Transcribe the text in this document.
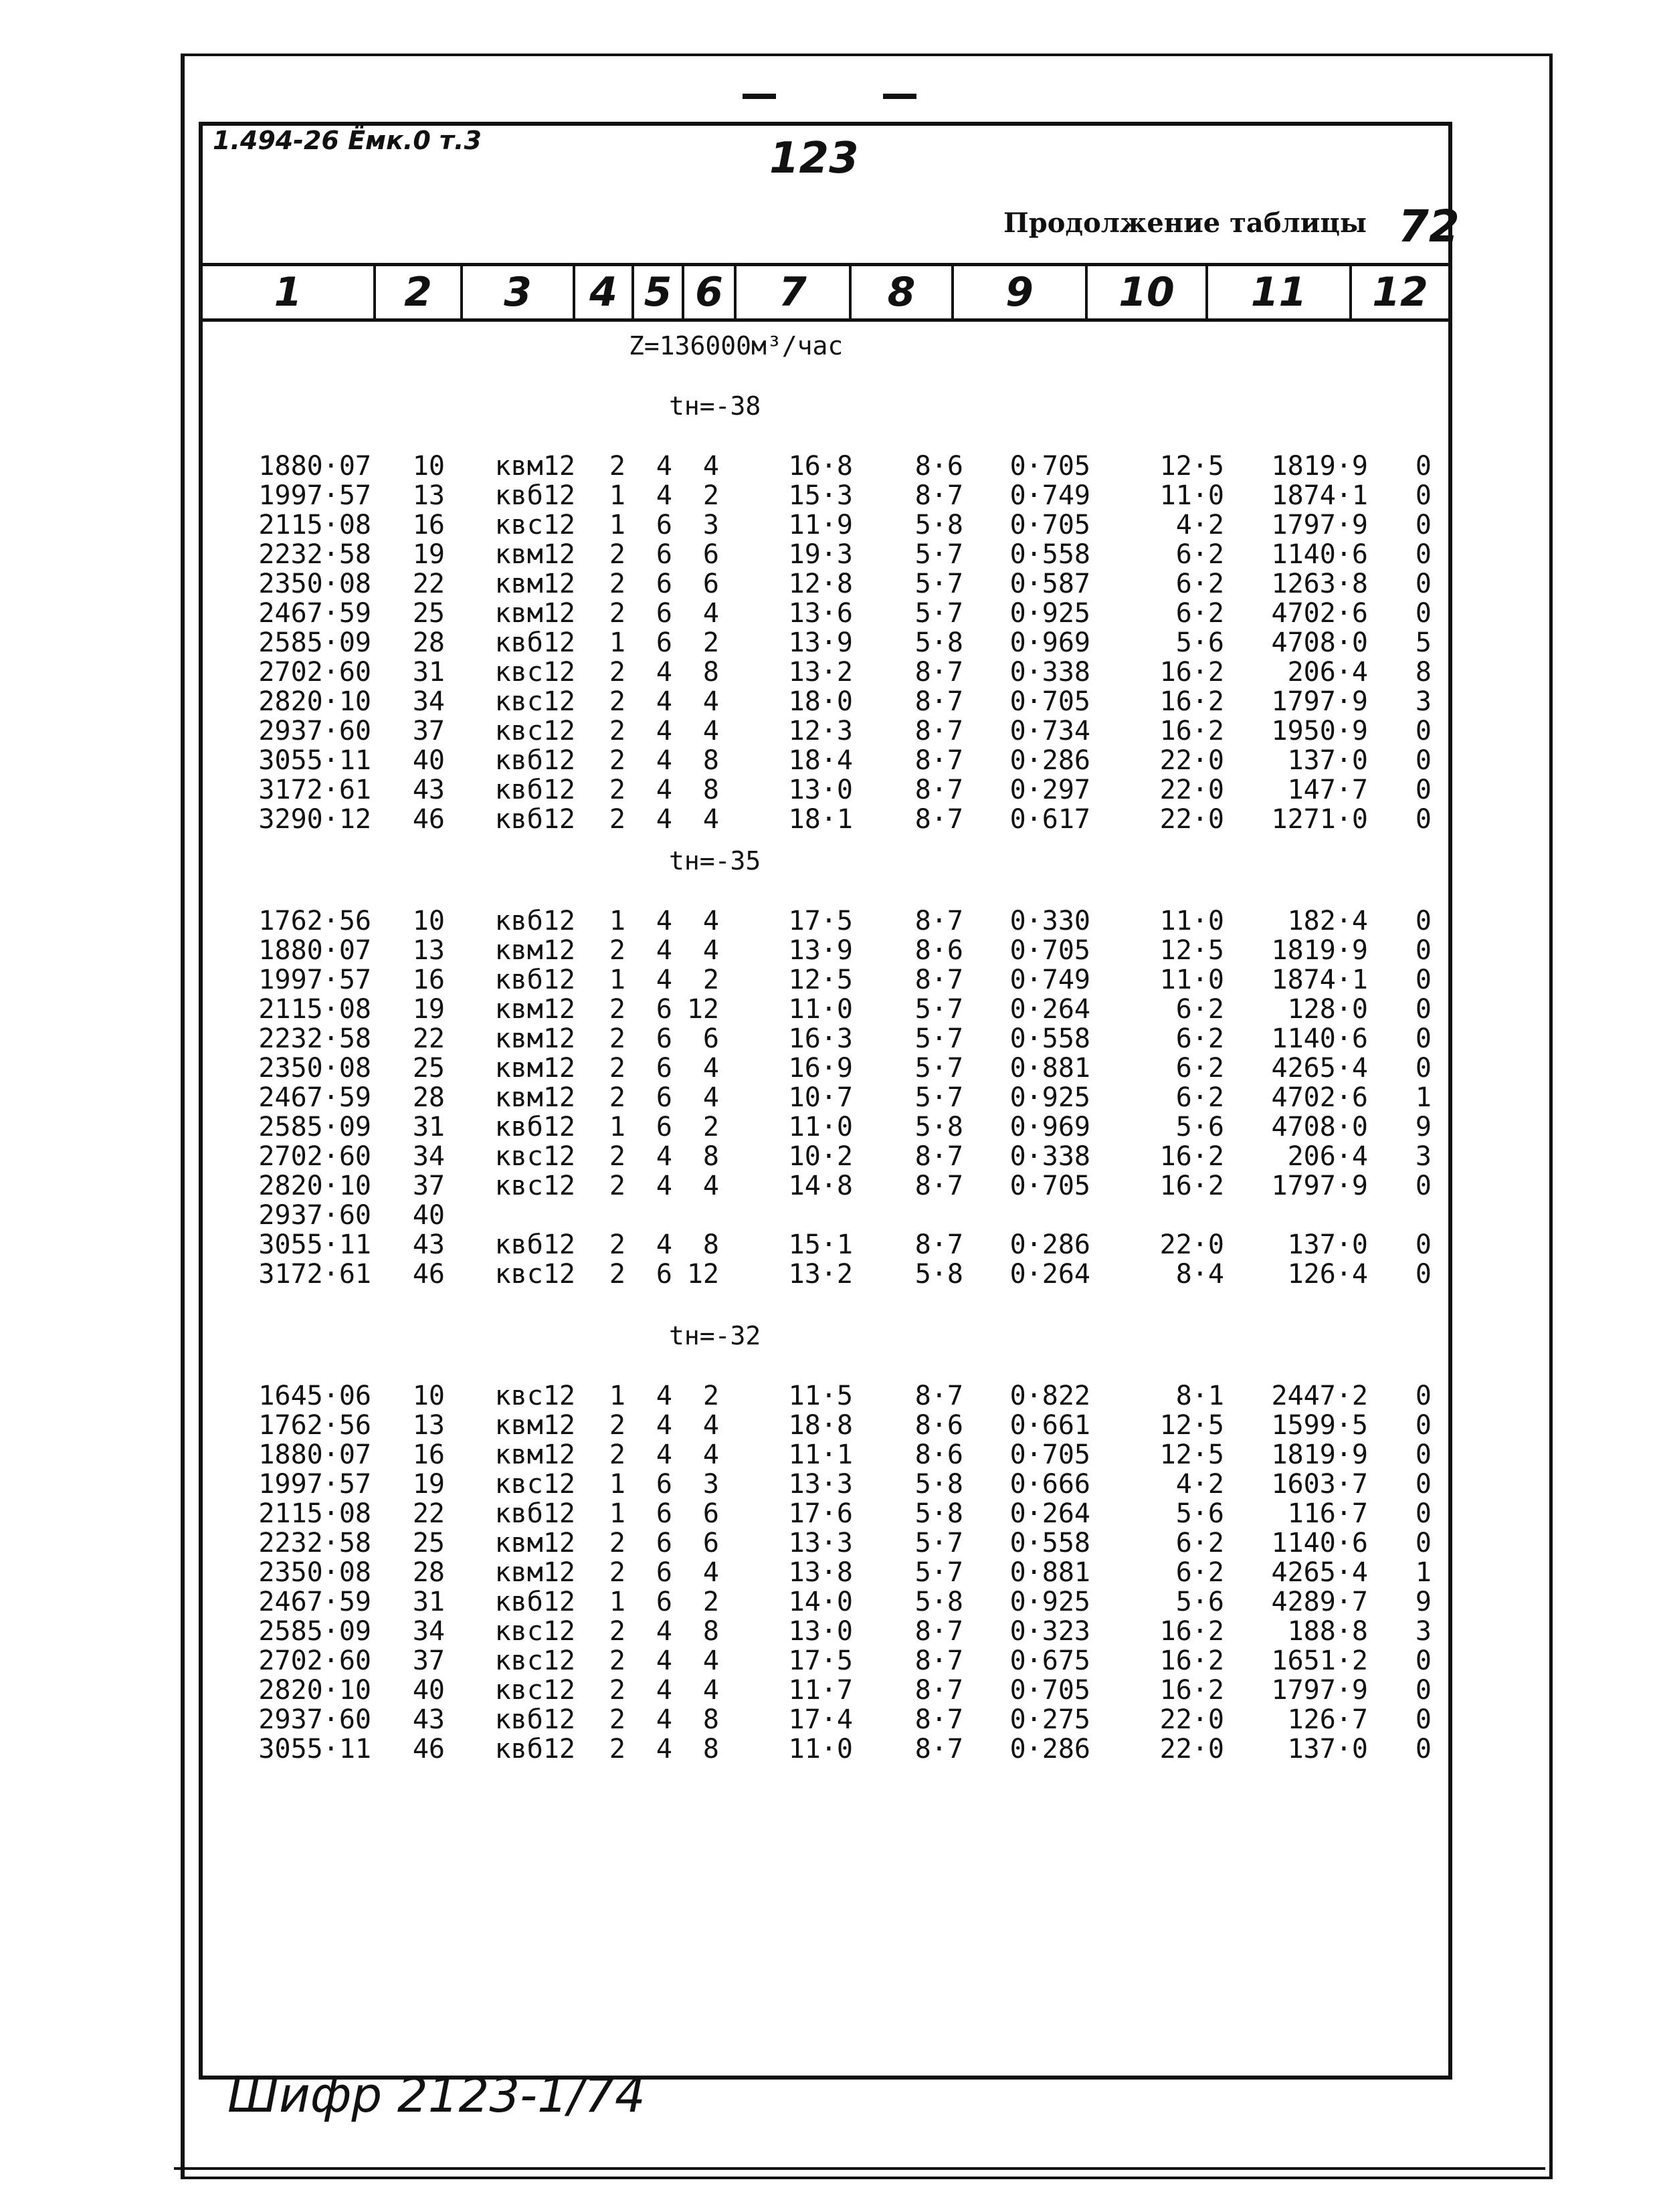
1.494-26 Ёмк.0 т.3	123
Продолжение таблицы 72
1	2	3	4 5 6	7	8	9	10	11	12
Z=136000м³/час
tн=-38
1880·07 10 квм12 2 4 4	16·8 8·6 0·705	12·5 1819·9 0
1997·57 13 квб12 1 4 2	15·3 8·7 0·749	11·0 1874·1 0
2115·08 16 квс12 1 6 3	11·9 5·8 0·705	4·2 1797·9 0
2232·58 19 квм12 2 6 6	19·3 5·7 0·558	6·2 1140·6 0
2350·08 22 квм12 2 6 6	12·8 5·7 0·587	6·2 1263·8 0
2467·59 25 квм12 2 6 4	13·6 5·7 0·925	6·2 4702·6 0
2585·09 28 квб12 1 6 2	13·9 5·8 0·969	5·6 4708·0 5
2702·60 31 квс12 2 4 8	13·2 8·7 0·338	16·2 206·4 8
2820·10 34 квс12 2 4 4	18·0 8·7 0·705	16·2 1797·9 3
2937·60 37 квс12 2 4 4	12·3 8·7 0·734	16·2 1950·9 0
3055·11 40 квб12 2 4 8	18·4 8·7 0·286	22·0 137·0 0
3172·61 43 квб12 2 4 8	13·0 8·7 0·297	22·0 147·7 0
3290·12 46 квб12 2 4 4	18·1 8·7 0·617	22·0 1271·0 0
tн=-35
1762·56 10 квб12 1 4 4	17·5 8·7 0·330	11·0 182·4 0
1880·07 13 квм12 2 4 4	13·9 8·6 0·705	12·5 1819·9 0
1997·57 16 квб12 1 4 2	12·5 8·7 0·749	11·0 1874·1 0
2115·08 19 квм12 2 6 12	11·0 5·7 0·264	6·2 128·0 0
2232·58 22 квм12 2 6 6	16·3 5·7 0·558	6·2 1140·6 0
2350·08 25 квм12 2 6 4	16·9 5·7 0·881	6·2 4265·4 0
2467·59 28 квм12 2 6 4	10·7 5·7 0·925	6·2 4702·6 1
2585·09 31 квб12 1 6 2	11·0 5·8 0·969	5·6 4708·0 9
2702·60 34 квс12 2 4 8	10·2 8·7 0·338	16·2 206·4 3
2820·10 37 квс12 2 4 4	14·8 8·7 0·705	16·2 1797·9 0
2937·60 40
3055·11 43 квб12 2 4 8	15·1 8·7 0·286	22·0 137·0 0
3172·61 46 квс12 2 6 12	13·2 5·8 0·264	8·4 126·4 0
tн=-32
1645·06 10 квс12 1 4 2	11·5 8·7 0·822	8·1 2447·2 0
1762·56 13 квм12 2 4 4	18·8 8·6 0·661	12·5 1599·5 0
1880·07 16 квм12 2 4 4	11·1 8·6 0·705	12·5 1819·9 0
1997·57 19 квс12 1 6 3	13·3 5·8 0·666	4·2 1603·7 0
2115·08 22 квб12 1 6 6	17·6 5·8 0·264	5·6 116·7 0
2232·58 25 квм12 2 6 6	13·3 5·7 0·558	6·2 1140·6 0
2350·08 28 квм12 2 6 4	13·8 5·7 0·881	6·2 4265·4 1
2467·59 31 квб12 1 6 2	14·0 5·8 0·925	5·6 4289·7 9
2585·09 34 квс12 2 4 8	13·0 8·7 0·323	16·2 188·8 3
2702·60 37 квс12 2 4 4	17·5 8·7 0·675	16·2 1651·2 0
2820·10 40 квс12 2 4 4	11·7 8·7 0·705	16·2 1797·9 0
2937·60 43 квб12 2 4 8	17·4 8·7 0·275	22·0 126·7 0
3055·11 46 квб12 2 4 8	11·0 8·7 0·286	22·0 137·0 0
Шифр 2123-1/74
